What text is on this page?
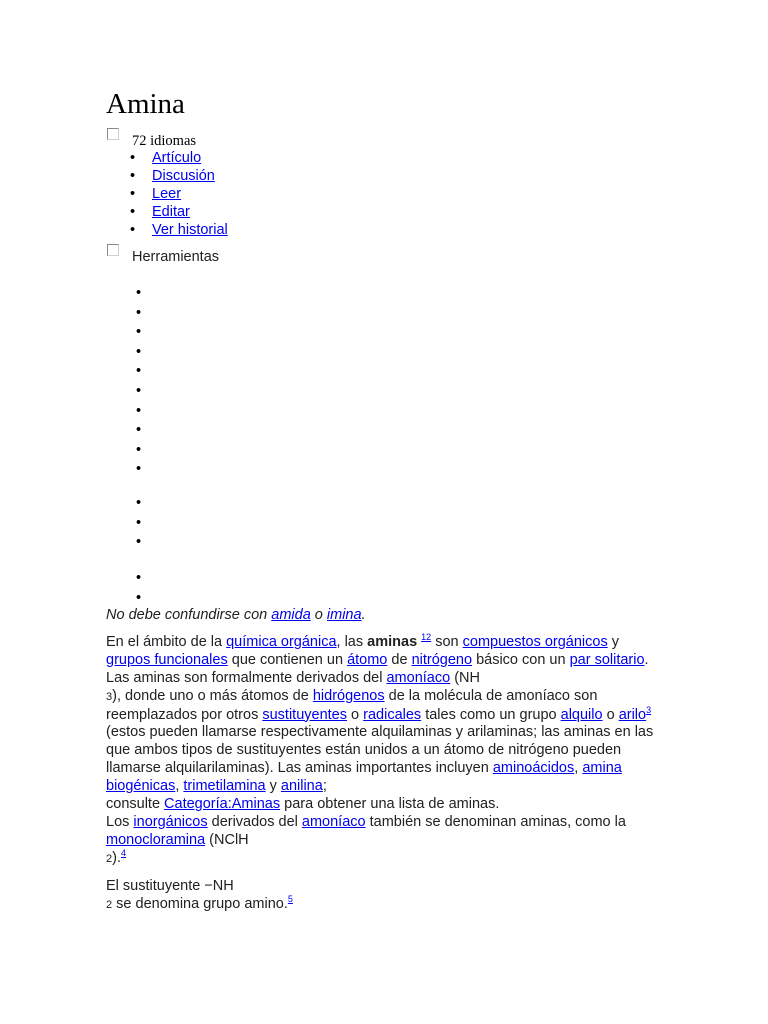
Amina
72 idiomas
• Artículo
• Discusión
• Leer
• Editar
• Ver historial
Herramientas
•
•
•
•
•
•
•
•
•
•
•
•
•
•
•

No debe confundirse con amida o imina.

En el ámbito de la química orgánica, las aminas $^{12}$ son compuestos orgánicos y grupos funcionales que contienen un átomo de nitrógeno básico con un par solitario. Las aminas son formalmente derivados del amoníaco (NH
3), donde uno o más átomos de hidrógenos de la molécula de amoníaco son reemplazados por otros sustituyentes o radicales tales como un grupo alquilo o arilo$^3$ (estos pueden llamarse respectivamente alquilaminas y arilaminas; las aminas en las que ambos tipos de sustituyentes están unidos a un átomo de nitrógeno pueden llamarse alquilarilaminas). Las aminas importantes incluyen aminoácidos, amina biogénicas, trimetilamina y anilina;
consulte Categoría:Aminas para obtener una lista de aminas.
Los inorgánicos derivados del amoníaco también se denominan aminas, como la monocloramina (NClH
2).$^4$

El sustituyente −NH
2 se denomina grupo amino.$^5$
